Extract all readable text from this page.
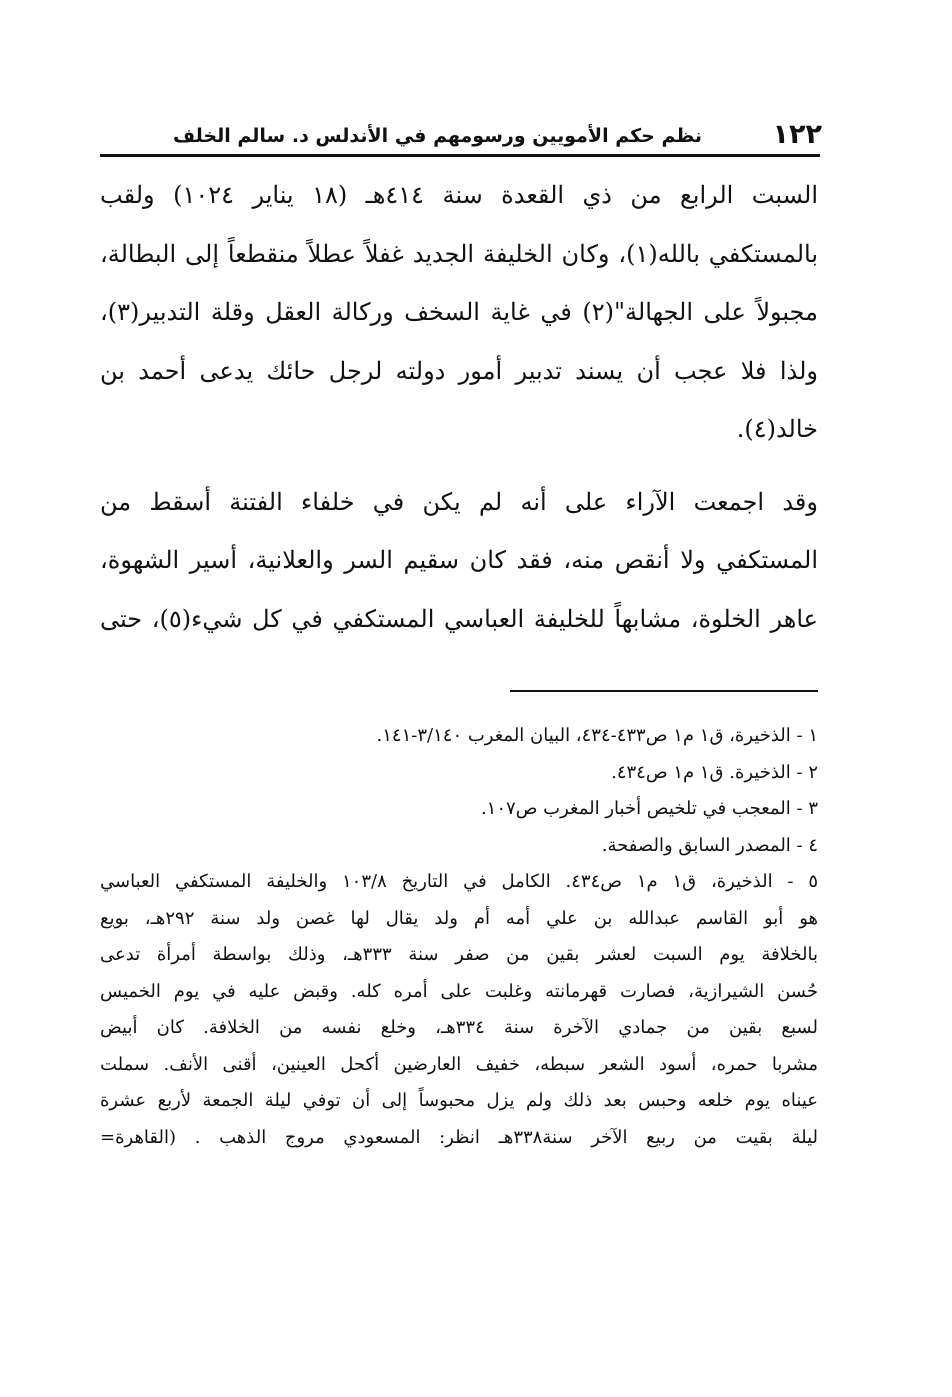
١٢٢
نظم حكم الأمويين ورسومهم في الأندلس د. سالم الخلف
السبت الرابع من ذي القعدة سنة ٤١٤هـ (١٨ يناير ١٠٢٤) ولقب
بالمستكفي بالله(١)، وكان الخليفة الجديد غفلاً عطلاً منقطعاً إلى البطالة،
مجبولاً على الجهالة"(٢) في غاية السخف وركالة العقل وقلة التدبير(٣)،
ولذا فلا عجب أن يسند تدبير أمور دولته لرجل حائك يدعى أحمد بن
خالد(٤).
وقد اجمعت الآراء على أنه لم يكن في خلفاء الفتنة أسقط من
المستكفي ولا أنقص منه، فقد كان سقيم السر والعلانية، أسير الشهوة،
عاهر الخلوة، مشابهاً للخليفة العباسي المستكفي في كل شيء(٥)، حتى
١ - الذخيرة، ق١ م١ ص٤٣٣-٤٣٤، البيان المغرب ٣/١٤٠-١٤١.
٢ - الذخيرة. ق١ م١ ص٤٣٤.
٣ - المعجب في تلخيص أخبار المغرب ص١٠٧.
٤ - المصدر السابق والصفحة.
٥ - الذخيرة، ق١ م١ ص٤٣٤. الكامل في التاريخ ١٠٣/٨ والخليفة المستكفي العباسي
هو أبو القاسم عبدالله بن علي أمه أم ولد يقال لها غصن ولد سنة ٢٩٢هـ، بويع
بالخلافة يوم السبت لعشر بقين من صفر سنة ٣٣٣هـ، وذلك بواسطة أمرأة تدعى
حُسن الشيرازية، فصارت قهرمانته وغلبت على أمره كله. وقبض عليه في يوم الخميس
لسبع بقين من جمادي الآخرة سنة ٣٣٤هـ، وخلع نفسه من الخلافة. كان أبيض
مشربا حمره، أسود الشعر سبطه، خفيف العارضين أكحل العينين، أقنى الأنف. سملت
عيناه يوم خلعه وحبس بعد ذلك ولم يزل محبوساً إلى أن توفي ليلة الجمعة لأربع عشرة
ليلة بقيت من ربيع الآخر سنة٣٣٨هـ انظر: المسعودي مروج الذهب . (القاهرة=
